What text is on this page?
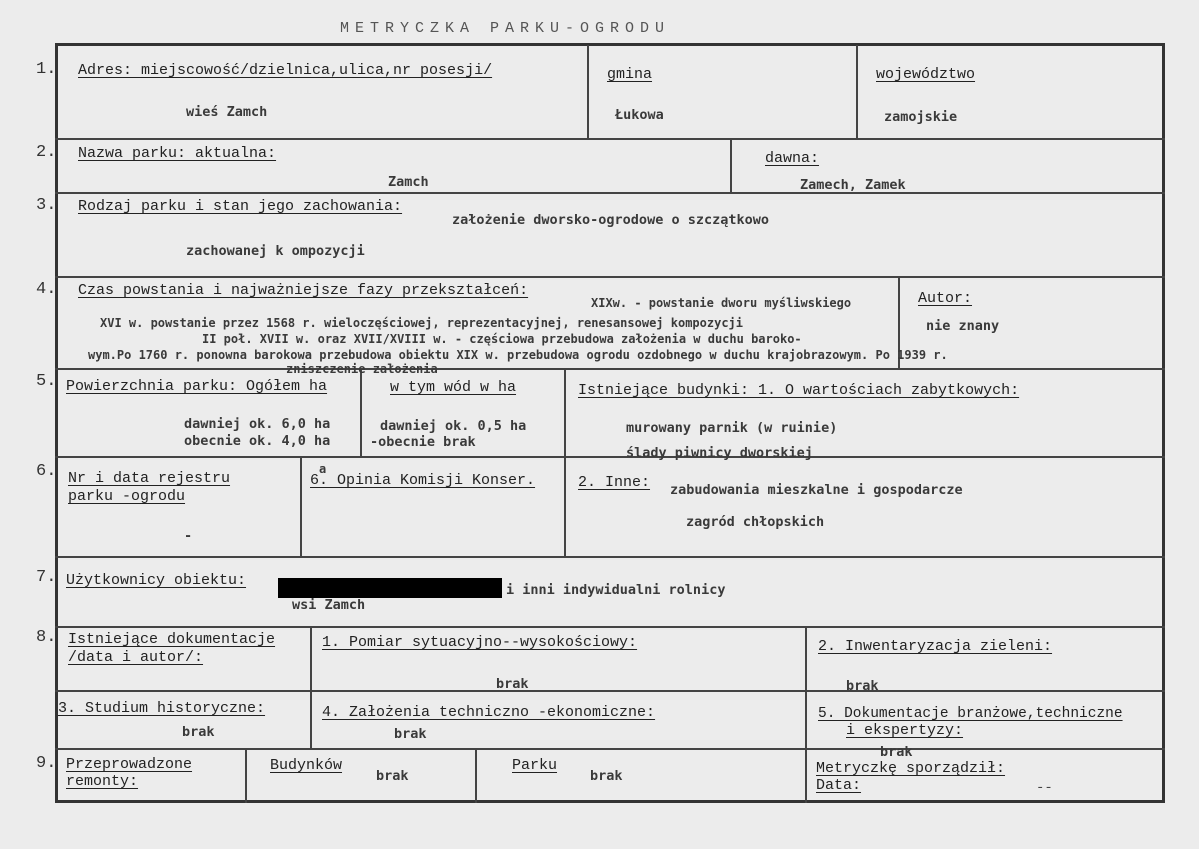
METRYCZKA PARKU-OGRODU
1.
2.
3.
4.
5.
6.
7.
8.
9.
Adres: miejscowość/dzielnica,ulica,nr posesji/
wieś Zamch
gmina
Łukowa
województwo
zamojskie
Nazwa parku: aktualna:
Zamch
dawna:
Zamech, Zamek
Rodzaj parku i stan jego zachowania:
założenie dworsko-ogrodowe o szczątkowo
zachowanej k ompozycji
Czas powstania i najważniejsze fazy przekształceń:
XIXw. - powstanie dworu myśliwskiego
XVI w. powstanie przez 1568 r. wieloczęściowej, reprezentacyjnej, renesansowej kompozycji
II poł. XVII w. oraz XVII/XVIII w. - częściowa przebudowa założenia w duchu baroko-
wym.Po 1760 r. ponowna barokowa przebudowa obiektu XIX w. przebudowa ogrodu ozdobnego w duchu krajobrazowym. Po 1939 r.
zniszczenie założenia
Autor:
nie znany
Powierzchnia parku: Ogółem ha
dawniej ok. 6,0 ha
obecnie ok. 4,0 ha
w tym wód w ha
dawniej ok. 0,5 ha
-obecnie brak
Istniejące budynki: 1. O wartościach zabytkowych:
murowany parnik (w ruinie)
ślady piwnicy dworskiej
Nr i data rejestru
parku -ogrodu
-
6. Opinia Komisji Konser.
a
2. Inne: zabudowania mieszkalne i gospodarcze
zagród chłopskich
Użytkownicy obiektu:
i inni indywidualni rolnicy
wsi Zamch
Istniejące dokumentacje
/data i autor/:
1. Pomiar sytuacyjno--wysokościowy:
brak
2. Inwentaryzacja zieleni:
brak
3. Studium historyczne:
brak
4. Założenia techniczno -ekonomiczne:
brak
5. Dokumentacje branżowe,techniczne
i ekspertyzy:
brak
Przeprowadzone
remonty:
Budynków
brak
Parku
brak	Metryczkę sporządził:
Data:	--
